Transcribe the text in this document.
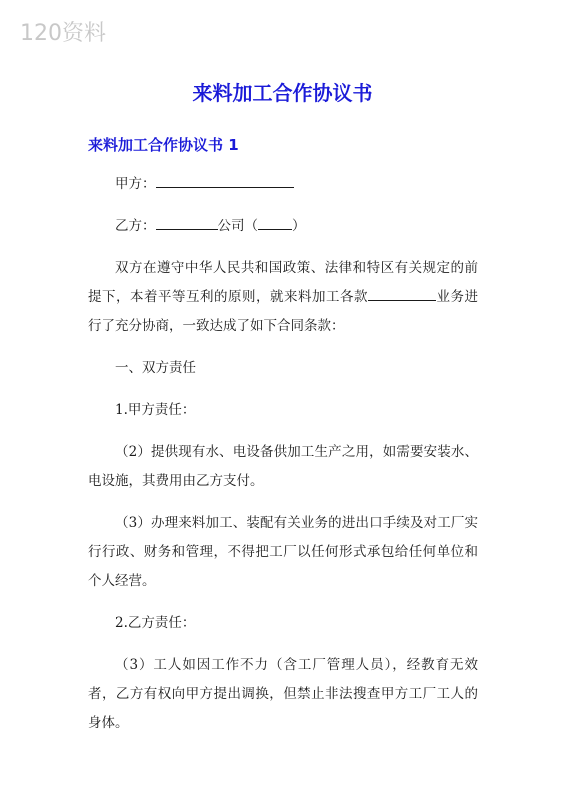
120资料
来料加工合作协议书
来料加工合作协议书 1

甲方：

乙方：	公司（	）

双方在遵守中华人民共和国政策、法律和特区有关规定的前提下，本着平等互利的原则，就来料加工各款	业务进行了充分协商，一致达成了如下合同条款：

一、双方责任

1.甲方责任：

（2）提供现有水、电设备供加工生产之用，如需要安装水、电设施，其费用由乙方支付。

（3）办理来料加工、装配有关业务的进出口手续及对工厂实行行政、财务和管理，不得把工厂以任何形式承包给任何单位和个人经营。

2.乙方责任：

（3）工人如因工作不力（含工厂管理人员），经教育无效者，乙方有权向甲方提出调换，但禁止非法搜查甲方工厂工人的身体。
